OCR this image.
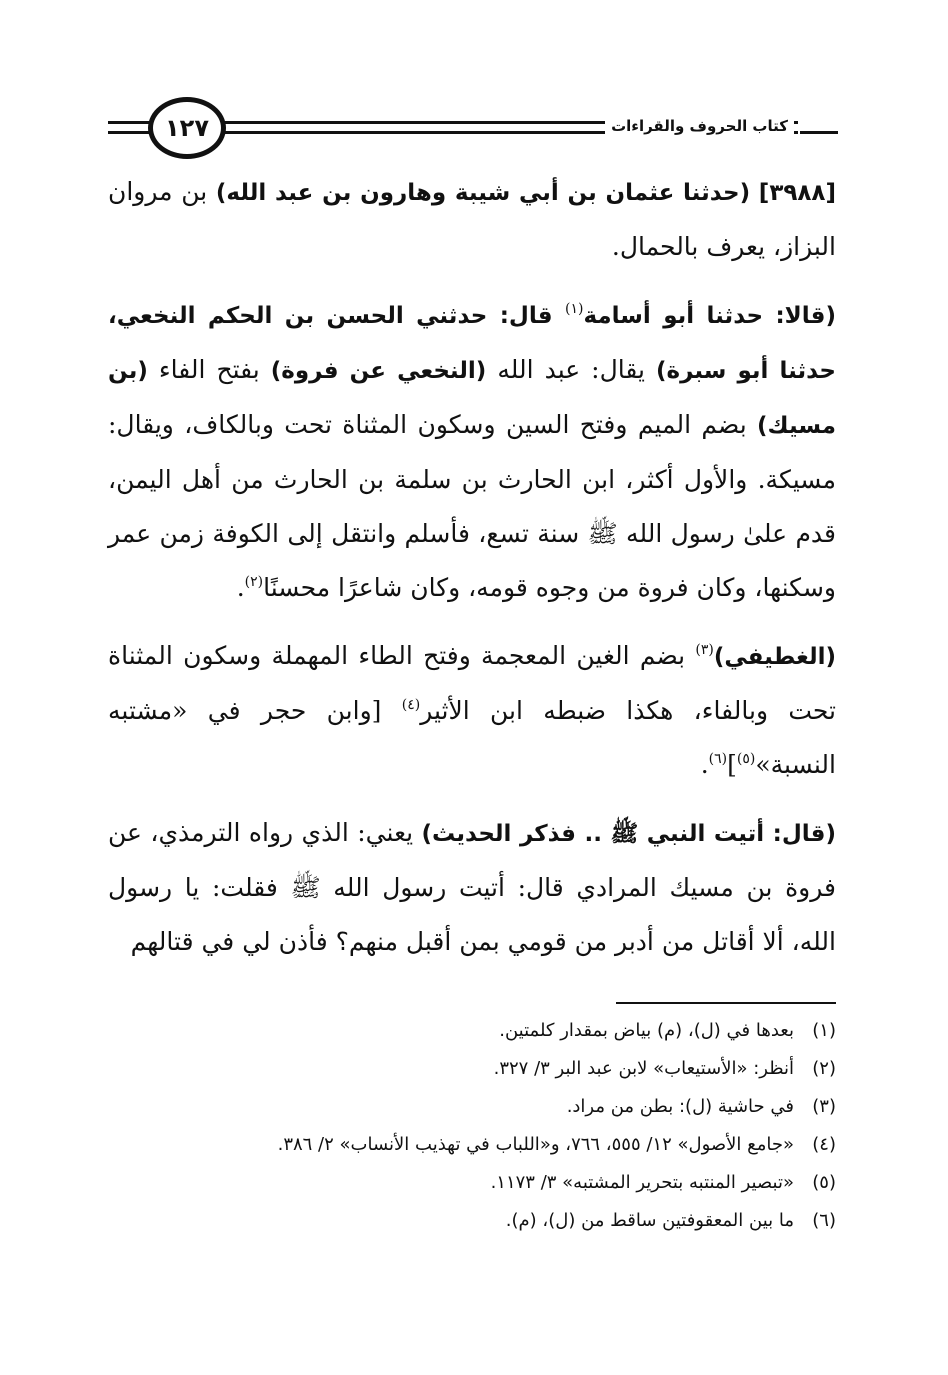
كتاب الحروف والقراءات
١٢٧

[٣٩٨٨] (حدثنا عثمان بن أبي شيبة وهارون بن عبد الله) بن مروان البزاز، يعرف بالحمال.

(قالا: حدثنا أبو أسامة$^{(١)}$ قال: حدثني الحسن بن الحكم النخعي، حدثنا أبو سبرة) يقال: عبد الله (النخعي عن فروة) بفتح الفاء (بن مسيك) بضم الميم وفتح السين وسكون المثناة تحت وبالكاف، ويقال: مسيكة. والأول أكثر، ابن الحارث بن سلمة بن الحارث من أهل اليمن، قدم علىٰ رسول الله ﷺ سنة تسع، فأسلم وانتقل إلى الكوفة زمن عمر وسكنها، وكان فروة من وجوه قومه، وكان شاعرًا محسنًا$^{(٢)}$.

(الغطيفي)$^{(٣)}$ بضم الغين المعجمة وفتح الطاء المهملة وسكون المثناة تحت وبالفاء، هكذا ضبطه ابن الأثير$^{(٤)}$ [وابن حجر في «مشتبه النسبة»$^{(٥)}$]$^{(٦)}$.

(قال: أتيت النبي ﷺ .. فذكر الحديث) يعني: الذي رواه الترمذي، عن فروة بن مسيك المرادي قال: أتيت رسول الله ﷺ فقلت: يا رسول الله، ألا أقاتل من أدبر من قومي بمن أقبل منهم؟ فأذن لي في قتالهم

(١)
بعدها في (ل)، (م) بياض بمقدار كلمتين.
(٢)
أنظر: «الأستيعاب» لابن عبد البر ٣/ ٣٢٧.
(٣)
في حاشية (ل): بطن من مراد.
(٤)
«جامع الأصول» ١٢/ ٥٥٥، ٧٦٦، و«اللباب في تهذيب الأنساب» ٢/ ٣٨٦.
(٥)
«تبصير المنتبه بتحرير المشتبه» ٣/ ١١٧٣.
(٦)
ما بين المعقوفتين ساقط من (ل)، (م).
